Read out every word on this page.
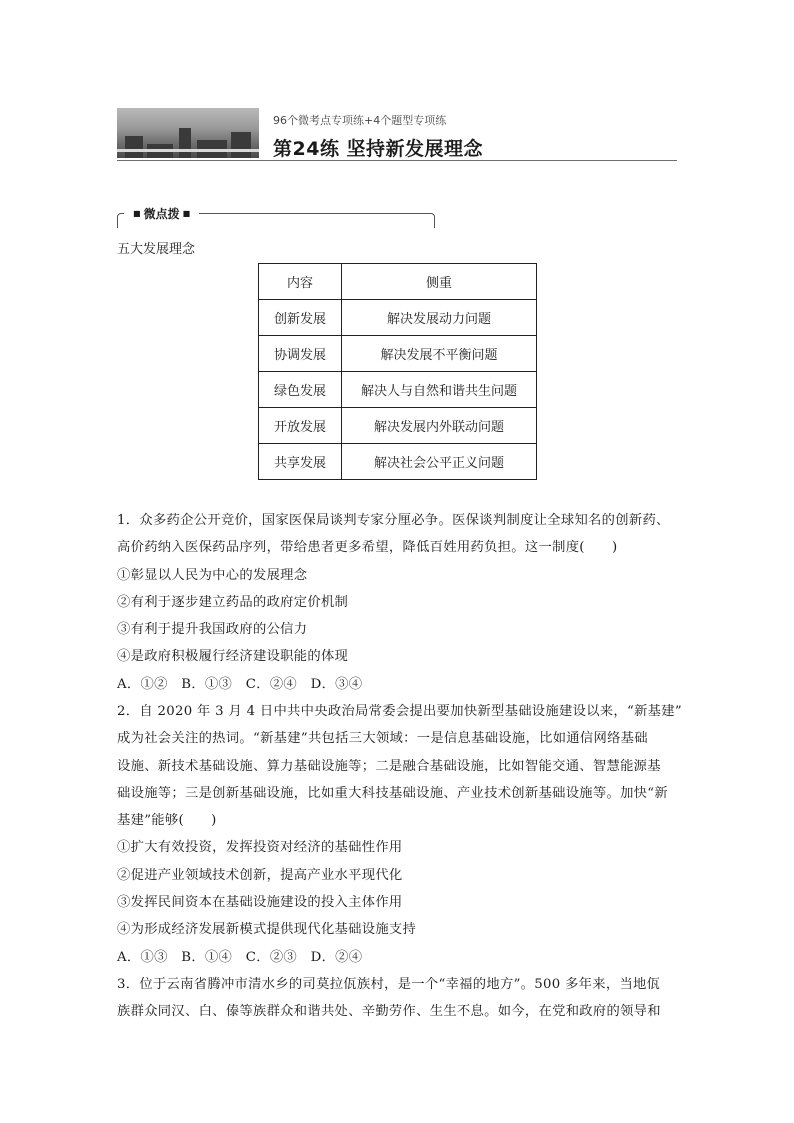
96个微考点专项练+4个题型专项练
第24练 坚持新发展理念
■ 微点拨 ■
五大发展理念
内容	侧重
创新发展	解决发展动力问题
协调发展	解决发展不平衡问题
绿色发展	解决人与自然和谐共生问题
开放发展	解决发展内外联动问题
共享发展	解决社会公平正义问题

1．众多药企公开竞价，国家医保局谈判专家分厘必争。医保谈判制度让全球知名的创新药、

高价药纳入医保药品序列，带给患者更多希望，降低百姓用药负担。这一制度(　　)

①彰显以人民为中心的发展理念

②有利于逐步建立药品的政府定价机制

③有利于提升我国政府的公信力

④是政府积极履行经济建设职能的体现

A．①②　B．①③　C．②④　D．③④

2．自 2020 年 3 月 4 日中共中央政治局常委会提出要加快新型基础设施建设以来，“新基建”

成为社会关注的热词。“新基建”共包括三大领域：一是信息基础设施，比如通信网络基础

设施、新技术基础设施、算力基础设施等；二是融合基础设施，比如智能交通、智慧能源基

础设施等；三是创新基础设施，比如重大科技基础设施、产业技术创新基础设施等。加快“新

基建”能够(　　)

①扩大有效投资，发挥投资对经济的基础性作用

②促进产业领域技术创新，提高产业水平现代化

③发挥民间资本在基础设施建设的投入主体作用

④为形成经济发展新模式提供现代化基础设施支持

A．①③　B．①④　C．②③　D．②④

3．位于云南省腾冲市清水乡的司莫拉佤族村，是一个“幸福的地方”。500 多年来，当地佤

族群众同汉、白、傣等族群众和谐共处、辛勤劳作、生生不息。如今，在党和政府的领导和
